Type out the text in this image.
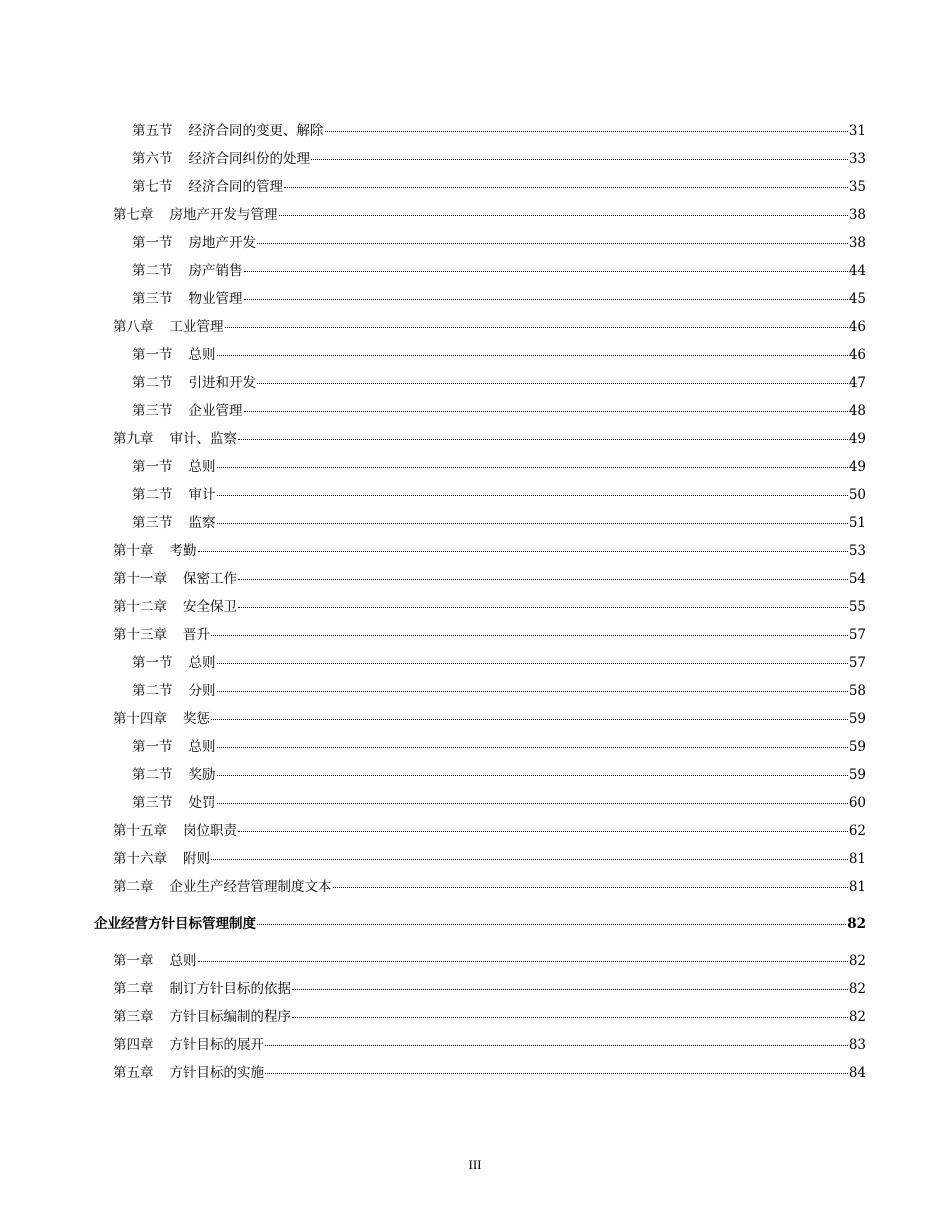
第五节 经济合同的变更、解除	31
第六节 经济合同纠份的处理	33
第七节 经济合同的管理	35
第七章 房地产开发与管理	38
第一节 房地产开发	38
第二节 房产销售	44
第三节 物业管理	45
第八章 工业管理	46
第一节 总则	46
第二节 引进和开发	47
第三节 企业管理	48
第九章 审计、监察	49
第一节 总则	49
第二节 审计	50
第三节 监察	51
第十章 考勤	53
第十一章 保密工作	54
第十二章 安全保卫	55
第十三章 晋升	57
第一节 总则	57
第二节 分则	58
第十四章 奖惩	59
第一节 总则	59
第二节 奖励	59
第三节 处罚	60
第十五章 岗位职责	62
第十六章 附则	81
第二章 企业生产经营管理制度文本	81
企业经营方针目标管理制度	82
第一章 总则	82
第二章 制订方针目标的依据	82
第三章 方针目标编制的程序	82
第四章 方针目标的展开	83
第五章 方针目标的实施	84
III
